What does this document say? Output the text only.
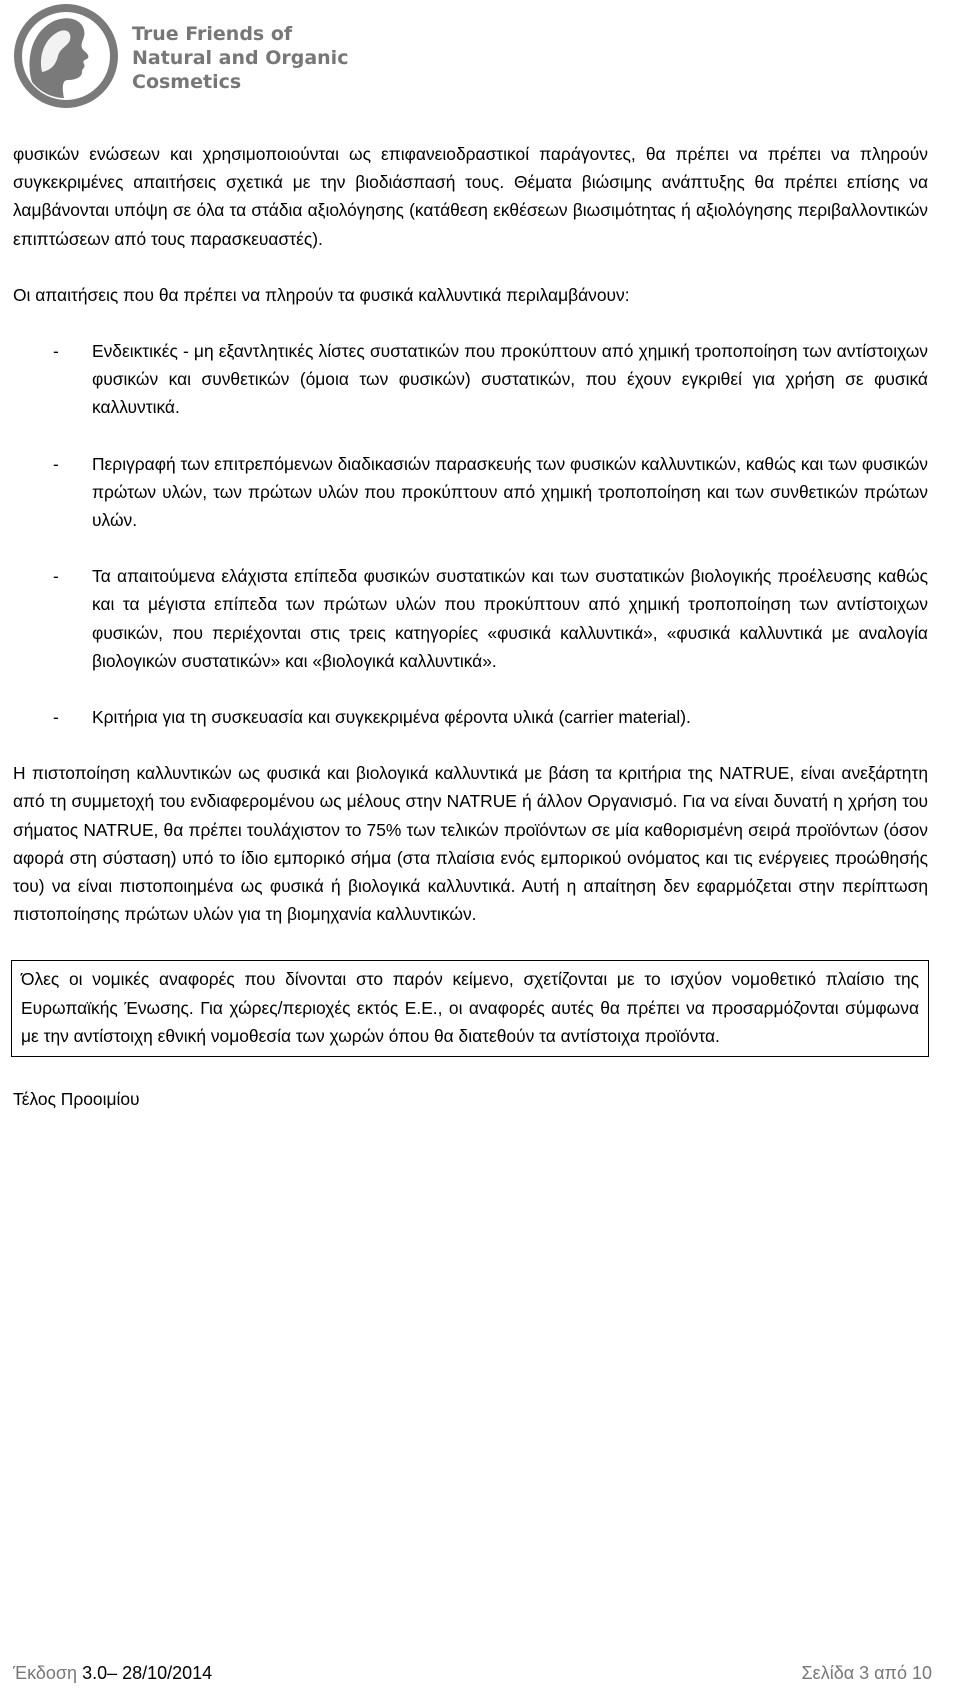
True Friends of
Natural and Organic
Cosmetics

φυσικών ενώσεων και χρησιμοποιούνται ως επιφανειοδραστικοί παράγοντες, θα πρέπει να πρέπει να πληρούν συγκεκριμένες απαιτήσεις σχετικά με την βιοδιάσπασή τους. Θέματα βιώσιμης ανάπτυξης θα πρέπει επίσης να λαμβάνονται υπόψη σε όλα τα στάδια αξιολόγησης (κατάθεση εκθέσεων βιωσιμότητας ή αξιολόγησης περιβαλλοντικών επιπτώσεων από τους παρασκευαστές).

Οι απαιτήσεις που θα πρέπει να πληρούν τα φυσικά καλλυντικά περιλαμβάνουν:

-	Ενδεικτικές - μη εξαντλητικές λίστες συστατικών που προκύπτουν από χημική τροποποίηση των αντίστοιχων φυσικών και συνθετικών (όμοια των φυσικών) συστατικών, που έχουν εγκριθεί για χρήση σε φυσικά καλλυντικά.
-	Περιγραφή των επιτρεπόμενων διαδικασιών παρασκευής των φυσικών καλλυντικών, καθώς και των φυσικών πρώτων υλών, των πρώτων υλών που προκύπτουν από χημική τροποποίηση και των συνθετικών πρώτων υλών.
-	Τα απαιτούμενα ελάχιστα επίπεδα φυσικών συστατικών και των συστατικών βιολογικής προέλευσης καθώς και τα μέγιστα επίπεδα των πρώτων υλών που προκύπτουν από χημική τροποποίηση των αντίστοιχων φυσικών, που περιέχονται στις τρεις κατηγορίες «φυσικά καλλυντικά», «φυσικά καλλυντικά με αναλογία βιολογικών συστατικών» και «βιολογικά καλλυντικά».
-	Κριτήρια για τη συσκευασία και συγκεκριμένα φέροντα υλικά (carrier material).

Η πιστοποίηση καλλυντικών ως φυσικά και βιολογικά καλλυντικά με βάση τα κριτήρια της NATRUE, είναι ανεξάρτητη από τη συμμετοχή του ενδιαφερομένου ως μέλους στην NATRUE ή άλλον Οργανισμό. Για να είναι δυνατή η χρήση του σήματος NATRUE, θα πρέπει τουλάχιστον το 75% των τελικών προϊόντων σε μία καθορισμένη σειρά προϊόντων (όσον αφορά στη σύσταση) υπό το ίδιο εμπορικό σήμα (στα πλαίσια ενός εμπορικού ονόματος και τις ενέργειες προώθησής του) να είναι πιστοποιημένα ως φυσικά ή βιολογικά καλλυντικά. Αυτή η απαίτηση δεν εφαρμόζεται στην περίπτωση πιστοποίησης πρώτων υλών για τη βιομηχανία καλλυντικών.

Όλες οι νομικές αναφορές που δίνονται στο παρόν κείμενο, σχετίζονται με το ισχύον νομοθετικό πλαίσιο της Ευρωπαϊκής Ένωσης. Για χώρες/περιοχές εκτός Ε.Ε., οι αναφορές αυτές θα πρέπει να προσαρμόζονται σύμφωνα με την αντίστοιχη εθνική νομοθεσία των χωρών όπου θα διατεθούν τα αντίστοιχα προϊόντα.

Τέλος Προοιμίου

Έκδοση 3.0– 28/10/2014	Σελίδα 3 από 10
